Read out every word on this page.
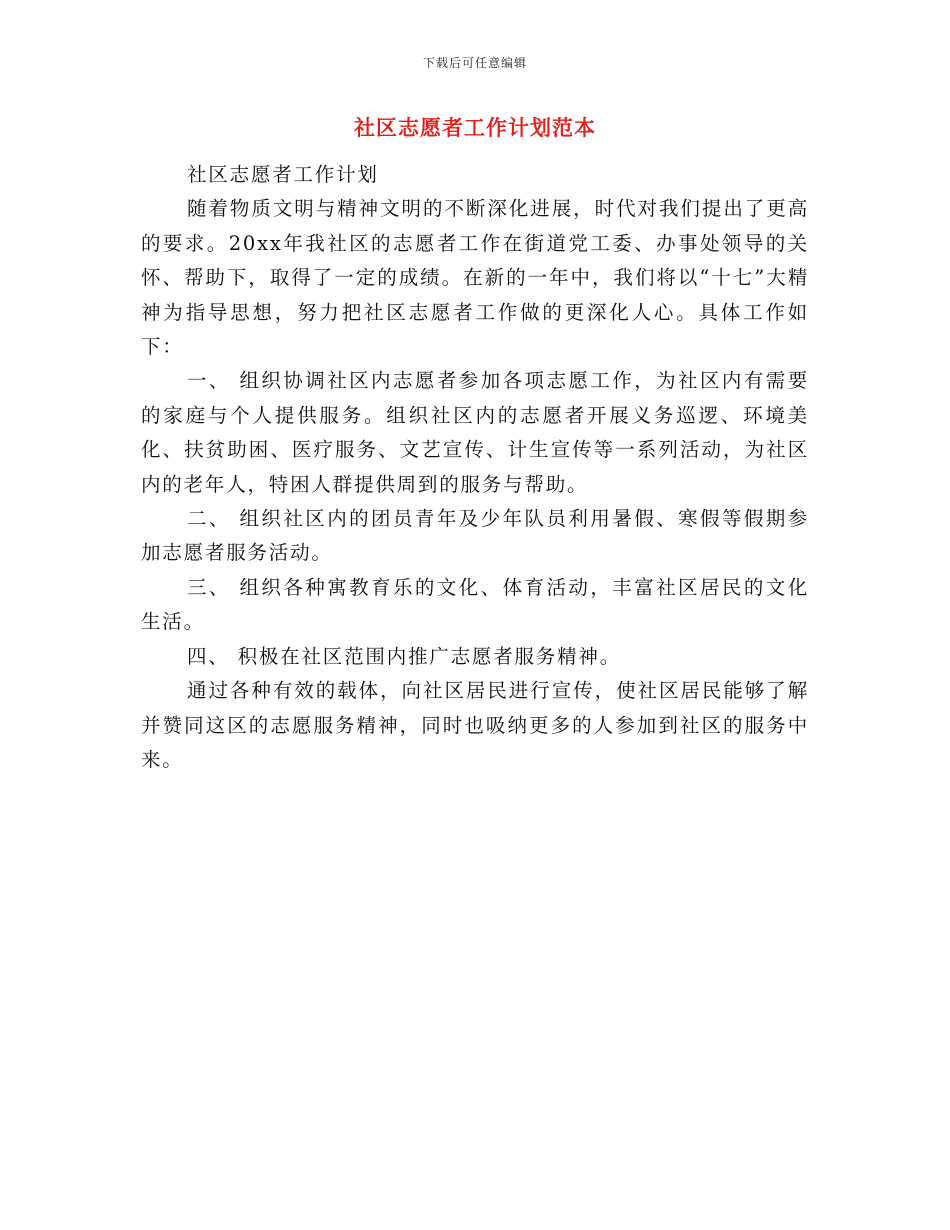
下载后可任意编辑
社区志愿者工作计划范本

社区志愿者工作计划

随着物质文明与精神文明的不断深化进展，时代对我们提出了更高的要求。20xx年我社区的志愿者工作在街道党工委、办事处领导的关怀、帮助下，取得了一定的成绩。在新的一年中，我们将以“十七”大精神为指导思想，努力把社区志愿者工作做的更深化人心。具体工作如下：

一、 组织协调社区内志愿者参加各项志愿工作，为社区内有需要的家庭与个人提供服务。组织社区内的志愿者开展义务巡逻、环境美化、扶贫助困、医疗服务、文艺宣传、计生宣传等一系列活动，为社区内的老年人，特困人群提供周到的服务与帮助。

二、 组织社区内的团员青年及少年队员利用暑假、寒假等假期参加志愿者服务活动。

三、 组织各种寓教育乐的文化、体育活动，丰富社区居民的文化生活。

四、 积极在社区范围内推广志愿者服务精神。

通过各种有效的载体，向社区居民进行宣传，使社区居民能够了解并赞同这区的志愿服务精神，同时也吸纳更多的人参加到社区的服务中来。
